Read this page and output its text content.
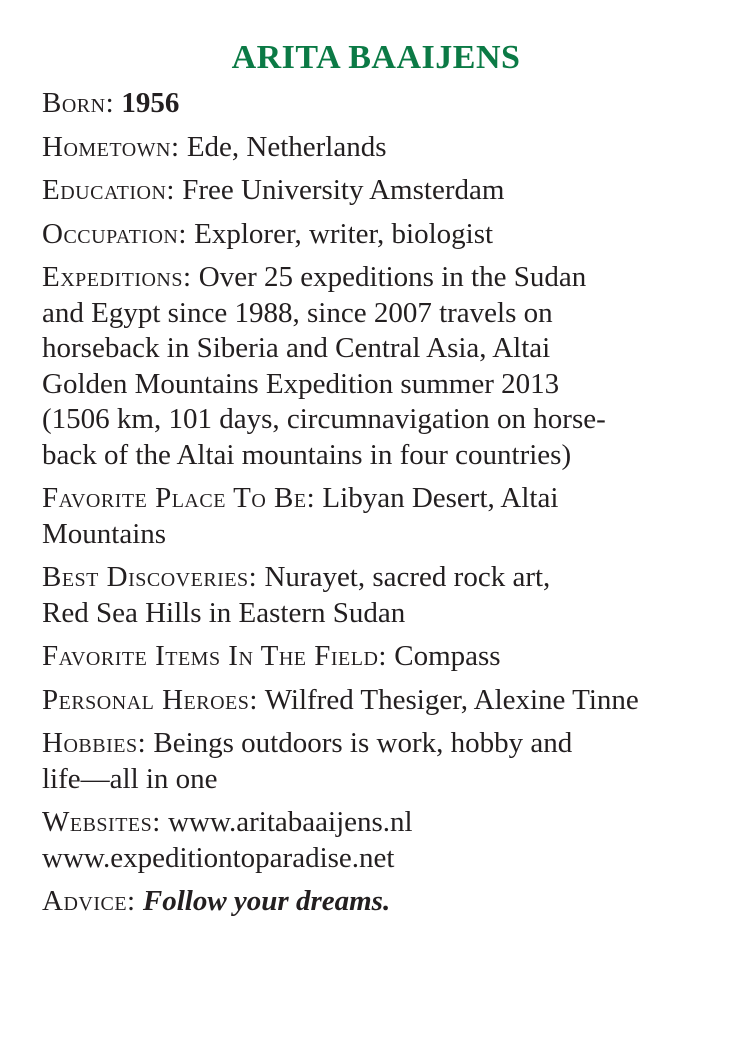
ARITA BAAIJENS

Born: 1956

Hometown: Ede, Netherlands

Education: Free University Amsterdam

Occupation: Explorer, writer, biologist

Expeditions: Over 25 expeditions in the Sudan
and Egypt since 1988, since 2007 travels on
horseback in Siberia and Central Asia, Altai
Golden Mountains Expedition summer 2013
(1506 km, 101 days, circumnavigation on horse-
back of the Altai mountains in four countries)

Favorite Place To Be: Libyan Desert, Altai
Mountains

Best Discoveries: Nurayet, sacred rock art,
Red Sea Hills in Eastern Sudan

Favorite Items In The Field: Compass

Personal Heroes: Wilfred Thesiger, Alexine Tinne

Hobbies: Beings outdoors is work, hobby and
life—all in one

Websites: www.aritabaaijens.nl
www.expeditiontoparadise.net

Advice: Follow your dreams.
